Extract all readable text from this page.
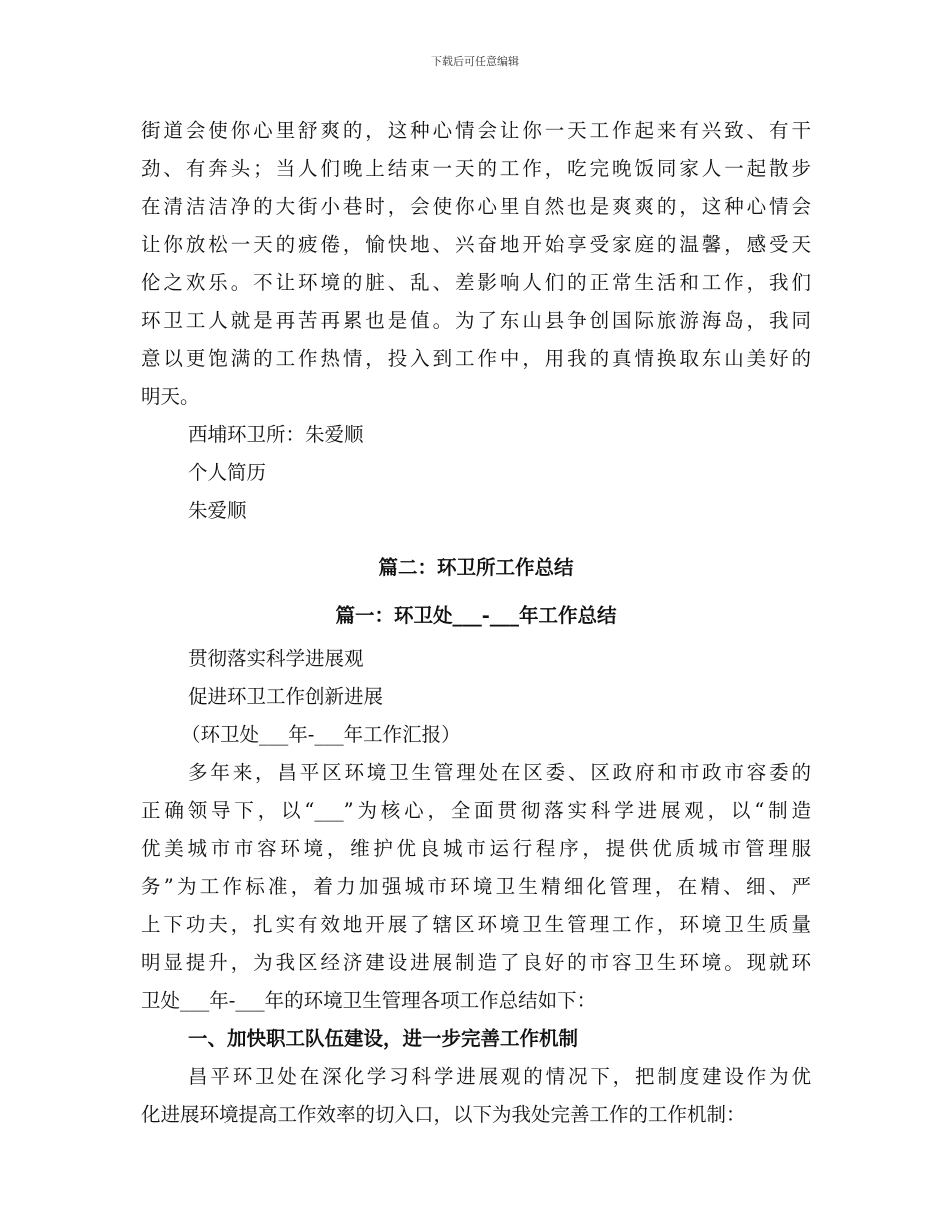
下载后可任意编辑
街道会使你心里舒爽的，这种心情会让你一天工作起来有兴致、有干
劲、有奔头；当人们晚上结束一天的工作，吃完晚饭同家人一起散步
在清洁洁净的大街小巷时，会使你心里自然也是爽爽的，这种心情会
让你放松一天的疲倦，愉快地、兴奋地开始享受家庭的温馨，感受天
伦之欢乐。不让环境的脏、乱、差影响人们的正常生活和工作，我们
环卫工人就是再苦再累也是值。为了东山县争创国际旅游海岛，我同
意以更饱满的工作热情，投入到工作中，用我的真情换取东山美好的
明天。
西埔环卫所：朱爱顺
个人简历
朱爱顺
篇二：环卫所工作总结
篇一：环卫处___-___年工作总结
贯彻落实科学进展观
促进环卫工作创新进展
（环卫处___年-___年工作汇报）
多年来，昌平区环境卫生管理处在区委、区政府和市政市容委的
正确领导下，以“___”为核心，全面贯彻落实科学进展观，以“制造
优美城市市容环境，维护优良城市运行程序，提供优质城市管理服
务”为工作标准，着力加强城市环境卫生精细化管理，在精、细、严
上下功夫，扎实有效地开展了辖区环境卫生管理工作，环境卫生质量
明显提升，为我区经济建设进展制造了良好的市容卫生环境。现就环
卫处___年-___年的环境卫生管理各项工作总结如下：
一、加快职工队伍建设，进一步完善工作机制
昌平环卫处在深化学习科学进展观的情况下，把制度建设作为优
化进展环境提高工作效率的切入口，以下为我处完善工作的工作机制：
